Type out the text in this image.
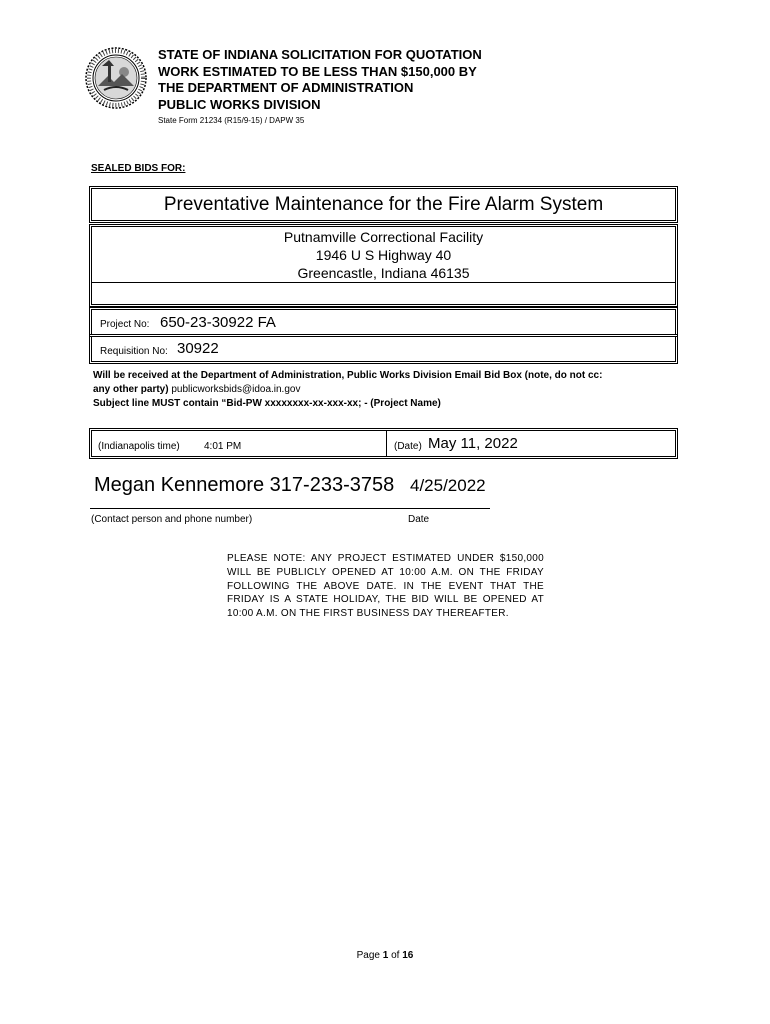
STATE OF INDIANA SOLICITATION FOR QUOTATION
WORK ESTIMATED TO BE LESS THAN $150,000 BY
THE DEPARTMENT OF ADMINISTRATION
PUBLIC WORKS DIVISION
State Form 21234 (R15/9-15) / DAPW 35
SEALED BIDS FOR:
Preventative Maintenance for the Fire Alarm System
Putnamville Correctional Facility
1946 U S Highway 40
Greencastle, Indiana 46135
Project No: 650-23-30922 FA
Requisition No: 30922
Will be received at the Department of Administration, Public Works Division Email Bid Box (note, do not cc:
any other party) publicworksbids@idoa.in.gov
Subject line MUST contain “Bid-PW xxxxxxxx-xx-xxx-xx; - (Project Name)
(Indianapolis time) 4:01 PM	(Date) May 11, 2022
Megan Kennemore 317-233-3758 4/25/2022
(Contact person and phone number)	Date
PLEASE NOTE: ANY PROJECT ESTIMATED UNDER $150,000 WILL BE PUBLICLY OPENED AT 10:00 A.M. ON THE FRIDAY FOLLOWING THE ABOVE DATE. IN THE EVENT THAT THE FRIDAY IS A STATE HOLIDAY, THE BID WILL BE OPENED AT 10:00 A.M. ON THE FIRST BUSINESS DAY THEREAFTER.
Page 1 of 16
